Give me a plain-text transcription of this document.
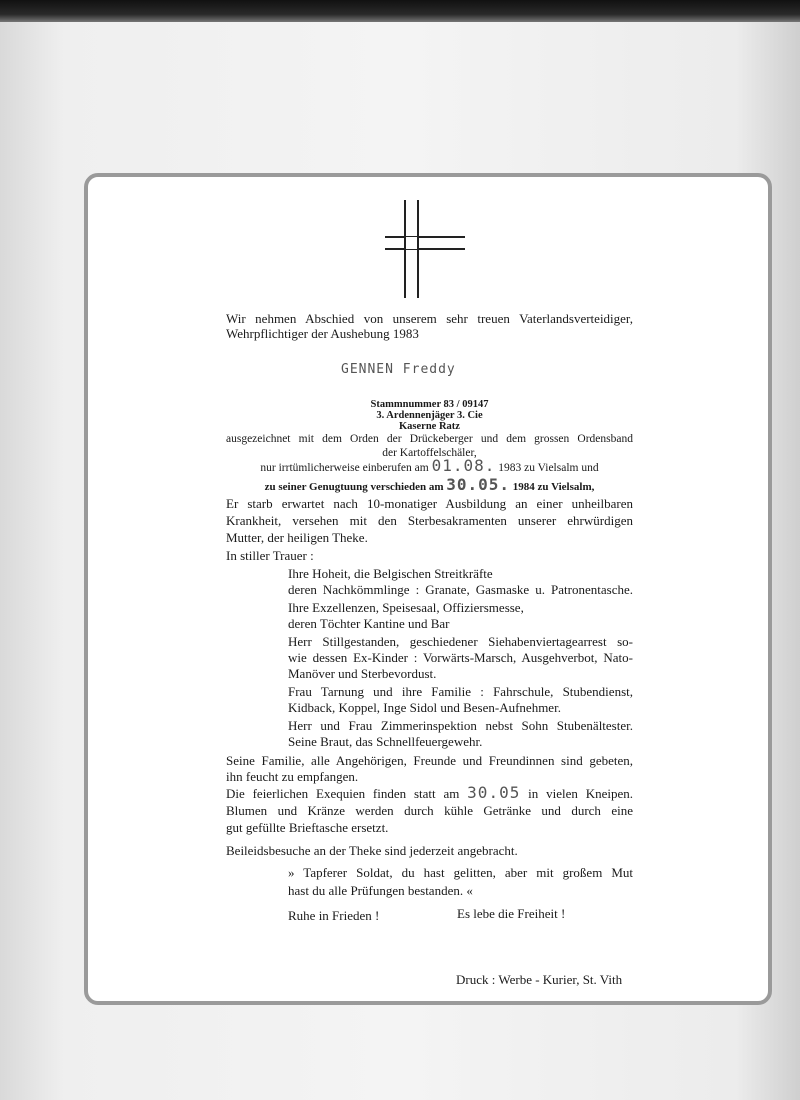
Wir nehmen Abschied von unserem sehr treuen Vaterlandsverteidiger,
Wehrpflichtiger der Aushebung 1983
GENNEN Freddy
Stammnummer 83 / 09147
3. Ardennenjäger 3. Cie
Kaserne Ratz
ausgezeichnet mit dem Orden der Drückeberger und dem grossen Ordensband
der Kartoffelschäler,
nur irrtümlicherweise einberufen am 01.08. 1983 zu Vielsalm und
zu seiner Genugtuung verschieden am 30.05. 1984 zu Vielsalm,
Er starb erwartet nach 10-monatiger Ausbildung an einer unheilbaren
Krankheit, versehen mit den Sterbesakramenten unserer ehrwürdigen
Mutter, der heiligen Theke.
In stiller Trauer :
Ihre Hoheit, die Belgischen Streitkräfte
deren Nachkömmlinge : Granate, Gasmaske u. Patronentasche.
Ihre Exzellenzen, Speisesaal, Offiziersmesse,
deren Töchter Kantine und Bar
Herr Stillgestanden, geschiedener Siehabenviertagearrest so-
wie dessen Ex-Kinder : Vorwärts-Marsch, Ausgehverbot, Nato-
Manöver und Sterbevordust.
Frau Tarnung und ihre Familie : Fahrschule, Stubendienst,
Kidback, Koppel, Inge Sidol und Besen-Aufnehmer.
Herr und Frau Zimmerinspektion nebst Sohn Stubenältester.
Seine Braut, das Schnellfeuergewehr.
Seine Familie, alle Angehörigen, Freunde und Freundinnen sind gebeten,
ihn feucht zu empfangen.
Die feierlichen Exequien finden statt am 30.05 in vielen Kneipen.
Blumen und Kränze werden durch kühle Getränke und durch eine
gut gefüllte Brieftasche ersetzt.
Beileidsbesuche an der Theke sind jederzeit angebracht.
» Tapferer Soldat, du hast gelitten, aber mit großem Mut
hast du alle Prüfungen bestanden. «
Ruhe in Frieden !	Es lebe die Freiheit !
Druck : Werbe - Kurier, St. Vith
